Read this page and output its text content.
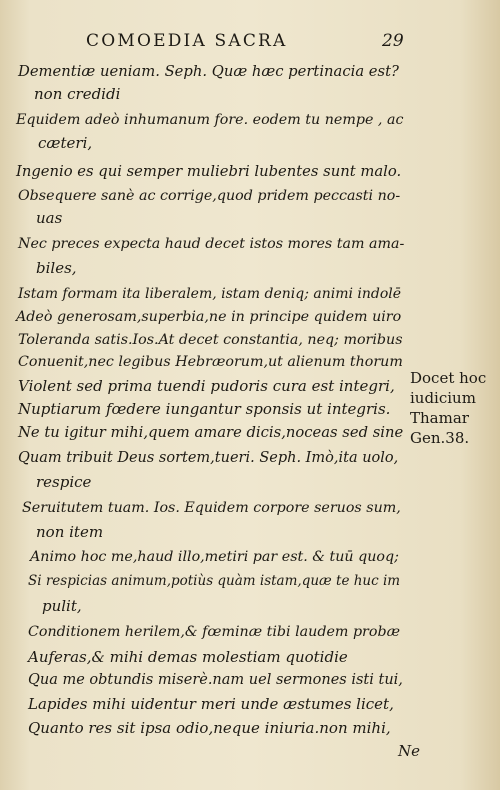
COMOEDIA SACRA	29
Dementiæ ueniam. Seph. Quæ hæc pertinacia est?
non credidi
Equidem adeò inhumanum fore. eodem tu nempe , ac
cæteri,
Ingenio es qui semper muliebri lubentes sunt malo.
Obsequere sanè ac corrige,quod pridem peccasti no-
uas
Nec preces expecta haud decet istos mores tam ama-
biles,
Istam formam ita liberalem, istam deniq; animi indolē
Adeò generosam,superbia,ne in principe quidem uiro
Toleranda satis.Ios.At decet constantia, neq; moribus
Conuenit,nec legibus Hebræorum,ut alienum thorum
Violent sed prima tuendi pudoris cura est integri,
Nuptiarum fœdere iungantur sponsis ut integris.
Ne tu igitur mihi,quem amare dicis,noceas sed sine
Quam tribuit Deus sortem,tueri. Seph. Imò,ita uolo,
respice
Seruitutem tuam. Ios. Equidem corpore seruos sum,
non item
Animo hoc me,haud illo,metiri par est. & tuū quoq;
Si respicias animum,potiùs quàm istam,quæ te huc im
pulit,
Conditionem herilem,& fœminæ tibi laudem probæ
Auferas,& mihi demas molestiam quotidie
Qua me obtundis miserè.nam uel sermones isti tui,
Lapides mihi uidentur meri unde æstumes licet,
Quanto res sit ipsa odio,neque iniuria.non mihi,
Docet hoc
iudicium
Thamar
Gen.38.
Ne
